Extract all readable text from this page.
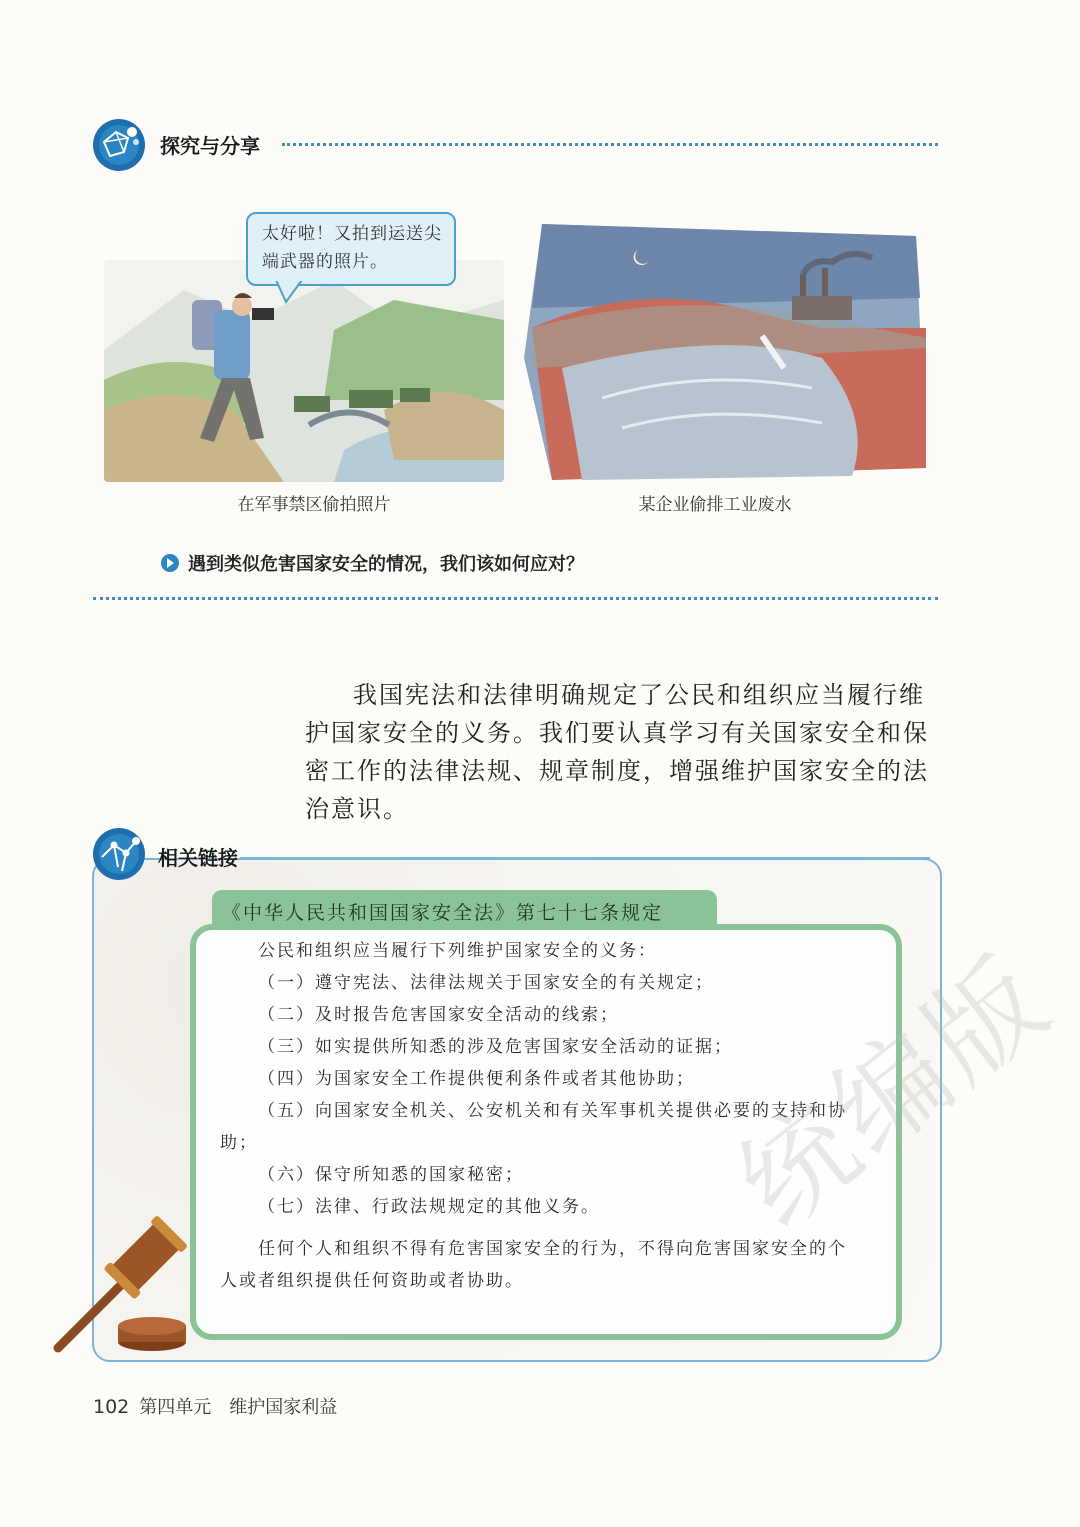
探究与分享
太好啦！又拍到运送尖端武器的照片。
在军事禁区偷拍照片	某企业偷排工业废水
遇到类似危害国家安全的情况，我们该如何应对？
我国宪法和法律明确规定了公民和组织应当履行维护国家安全的义务。我们要认真学习有关国家安全和保密工作的法律法规、规章制度，增强维护国家安全的法治意识。
相关链接
《中华人民共和国国家安全法》第七十七条规定

公民和组织应当履行下列维护国家安全的义务：

（一）遵守宪法、法律法规关于国家安全的有关规定；

（二）及时报告危害国家安全活动的线索；

（三）如实提供所知悉的涉及危害国家安全活动的证据；

（四）为国家安全工作提供便利条件或者其他协助；

（五）向国家安全机关、公安机关和有关军事机关提供必要的支持和协助；

（六）保守所知悉的国家秘密；

（七）法律、行政法规规定的其他义务。

任何个人和组织不得有危害国家安全的行为，不得向危害国家安全的个人或者组织提供任何资助或者协助。

统编版
102 第四单元 维护国家利益
